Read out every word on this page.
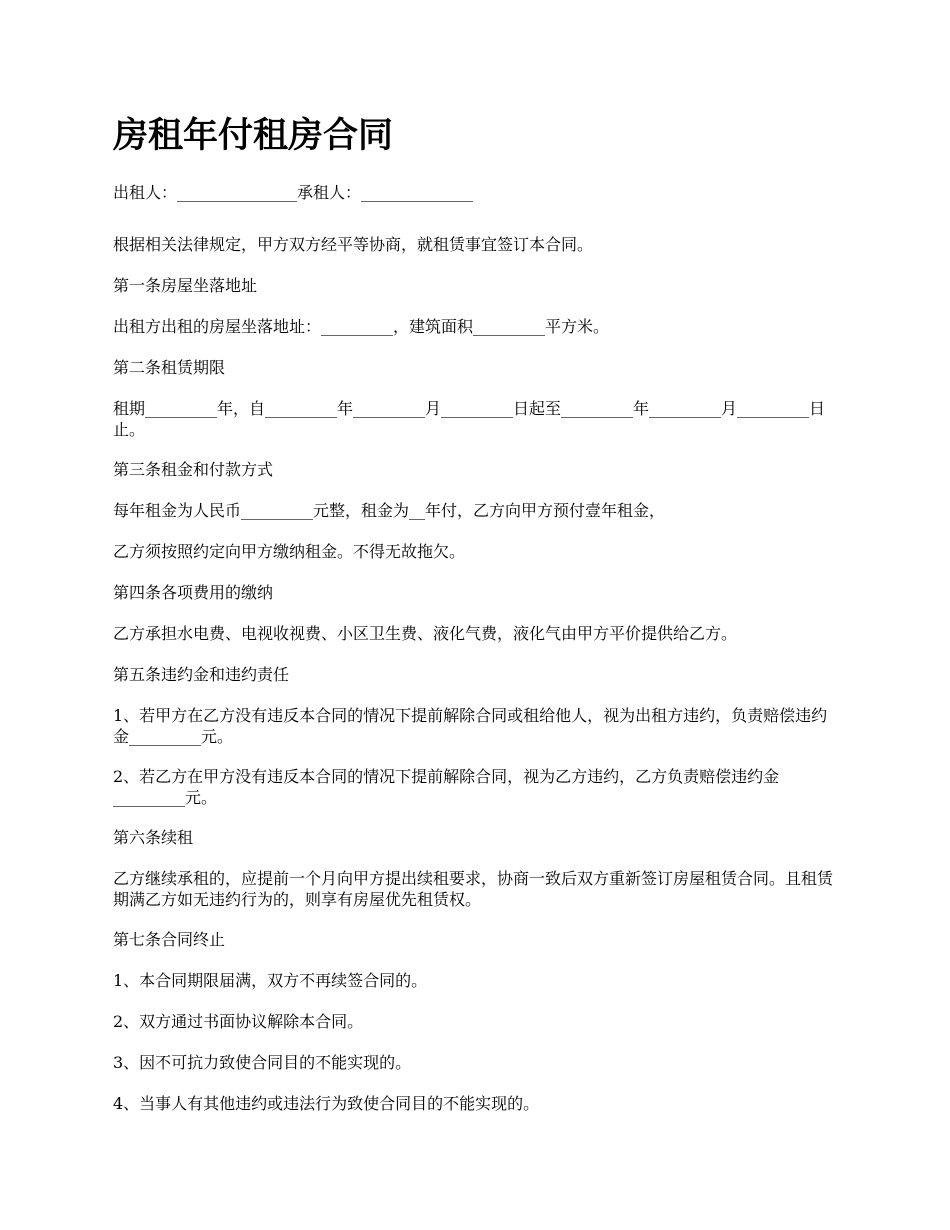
房租年付租房合同

出租人：_______________承租人：______________

根据相关法律规定，甲方双方经平等协商，就租赁事宜签订本合同。

第一条房屋坐落地址

出租方出租的房屋坐落地址：_________，建筑面积_________平方米。

第二条租赁期限

租期_________年，自_________年_________月_________日起至_________年_________月_________日止。

第三条租金和付款方式

每年租金为人民币_________元整，租金为__年付，乙方向甲方预付壹年租金，

乙方须按照约定向甲方缴纳租金。不得无故拖欠。

第四条各项费用的缴纳

乙方承担水电费、电视收视费、小区卫生费、液化气费，液化气由甲方平价提供给乙方。

第五条违约金和违约责任

1、若甲方在乙方没有违反本合同的情况下提前解除合同或租给他人，视为出租方违约，负责赔偿违约金_________元。

2、若乙方在甲方没有违反本合同的情况下提前解除合同，视为乙方违约，乙方负责赔偿违约金_________元。

第六条续租

乙方继续承租的，应提前一个月向甲方提出续租要求，协商一致后双方重新签订房屋租赁合同。且租赁期满乙方如无违约行为的，则享有房屋优先租赁权。

第七条合同终止

1、本合同期限届满，双方不再续签合同的。

2、双方通过书面协议解除本合同。

3、因不可抗力致使合同目的不能实现的。

4、当事人有其他违约或违法行为致使合同目的不能实现的。
